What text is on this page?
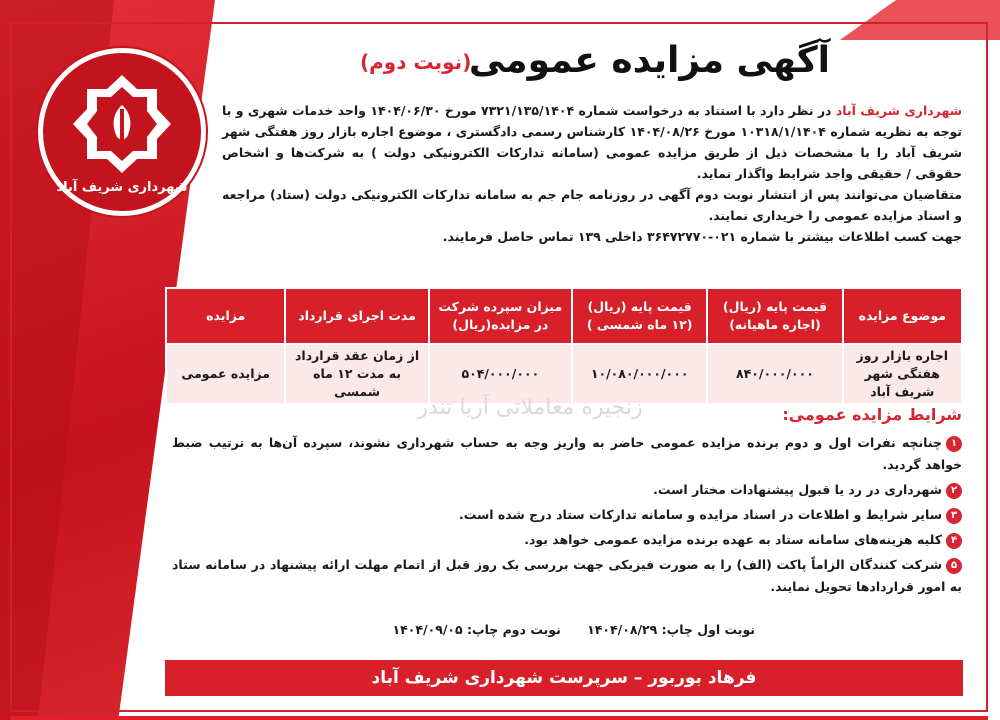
شهرداری شریف آباد
آگهی مزایده عمومی
(نوبت دوم)

شهرداری شریف آباد در نظر دارد با استناد به درخواست شماره ۷۳۲۱/۱۳۵/۱۴۰۴ مورخ ۱۴۰۴/۰۶/۳۰ واحد خدمات شهری و با توجه به نظریه شماره ۱۰۳۱۸/۱/۱۴۰۴ مورخ ۱۴۰۴/۰۸/۲۶ کارشناس رسمی دادگستری ، موضوع اجاره بازار روز هفتگی شهر شریف آباد را با مشخصات ذیل از طریق مزایده عمومی (سامانه تدارکات الکترونیکی دولت ) به شرکت‌ها و اشخاص حقوقی / حقیقی واجد شرایط واگذار نماید.

متقاضیان می‌توانند پس از انتشار نوبت دوم آگهی در روزنامه جام جم به سامانه تدارکات الکترونیکی دولت (ستاد) مراجعه و اسناد مزایده عمومی را خریداری نمایند.

جهت کسب اطلاعات بیشتر با شماره ۰۲۱-۳۶۴۷۲۷۷۰ داخلی ۱۳۹ تماس حاصل فرمایند.

موضوع مزایده	قیمت پایه (ریال) (اجاره ماهیانه)	قیمت پایه (ریال) (۱۲ ماه شمسی )	میزان سپرده شرکت در مزایده(ریال)	مدت اجرای قرارداد	مزایده
اجاره بازار روز هفتگی شهر شریف آباد	۸۴۰/۰۰۰/۰۰۰	۱۰/۰۸۰/۰۰۰/۰۰۰	۵۰۴/۰۰۰/۰۰۰	از زمان عقد قرارداد به مدت ۱۲ ماه شمسی	مزایده عمومی
زنجیره معاملاتی آریا تندر	شرایط مزایده عمومی:

۱چنانچه نفرات اول و دوم برنده مزایده عمومی حاضر به واریز وجه به حساب شهرداری نشوند، سپرده آن‌ها به ترتیب ضبط خواهد گردید.

۲شهرداری در رد یا قبول پیشنهادات مختار است.

۳سایر شرایط و اطلاعات در اسناد مزایده و سامانه تدارکات ستاد درج شده است.

۴کلیه هزینه‌های سامانه ستاد به عهده برنده مزایده عمومی خواهد بود.

۵شرکت کنندگان الزاماً پاکت (الف) را به صورت فیزیکی جهت بررسی یک روز قبل از اتمام مهلت ارائه پیشنهاد در سامانه ستاد به امور قراردادها تحویل نمایند.

نوبت اول چاپ: ۱۴۰۴/۰۸/۲۹ نوبت دوم چاپ: ۱۴۰۴/۰۹/۰۵
فرهاد بوربور – سرپرست شهرداری شریف آباد
